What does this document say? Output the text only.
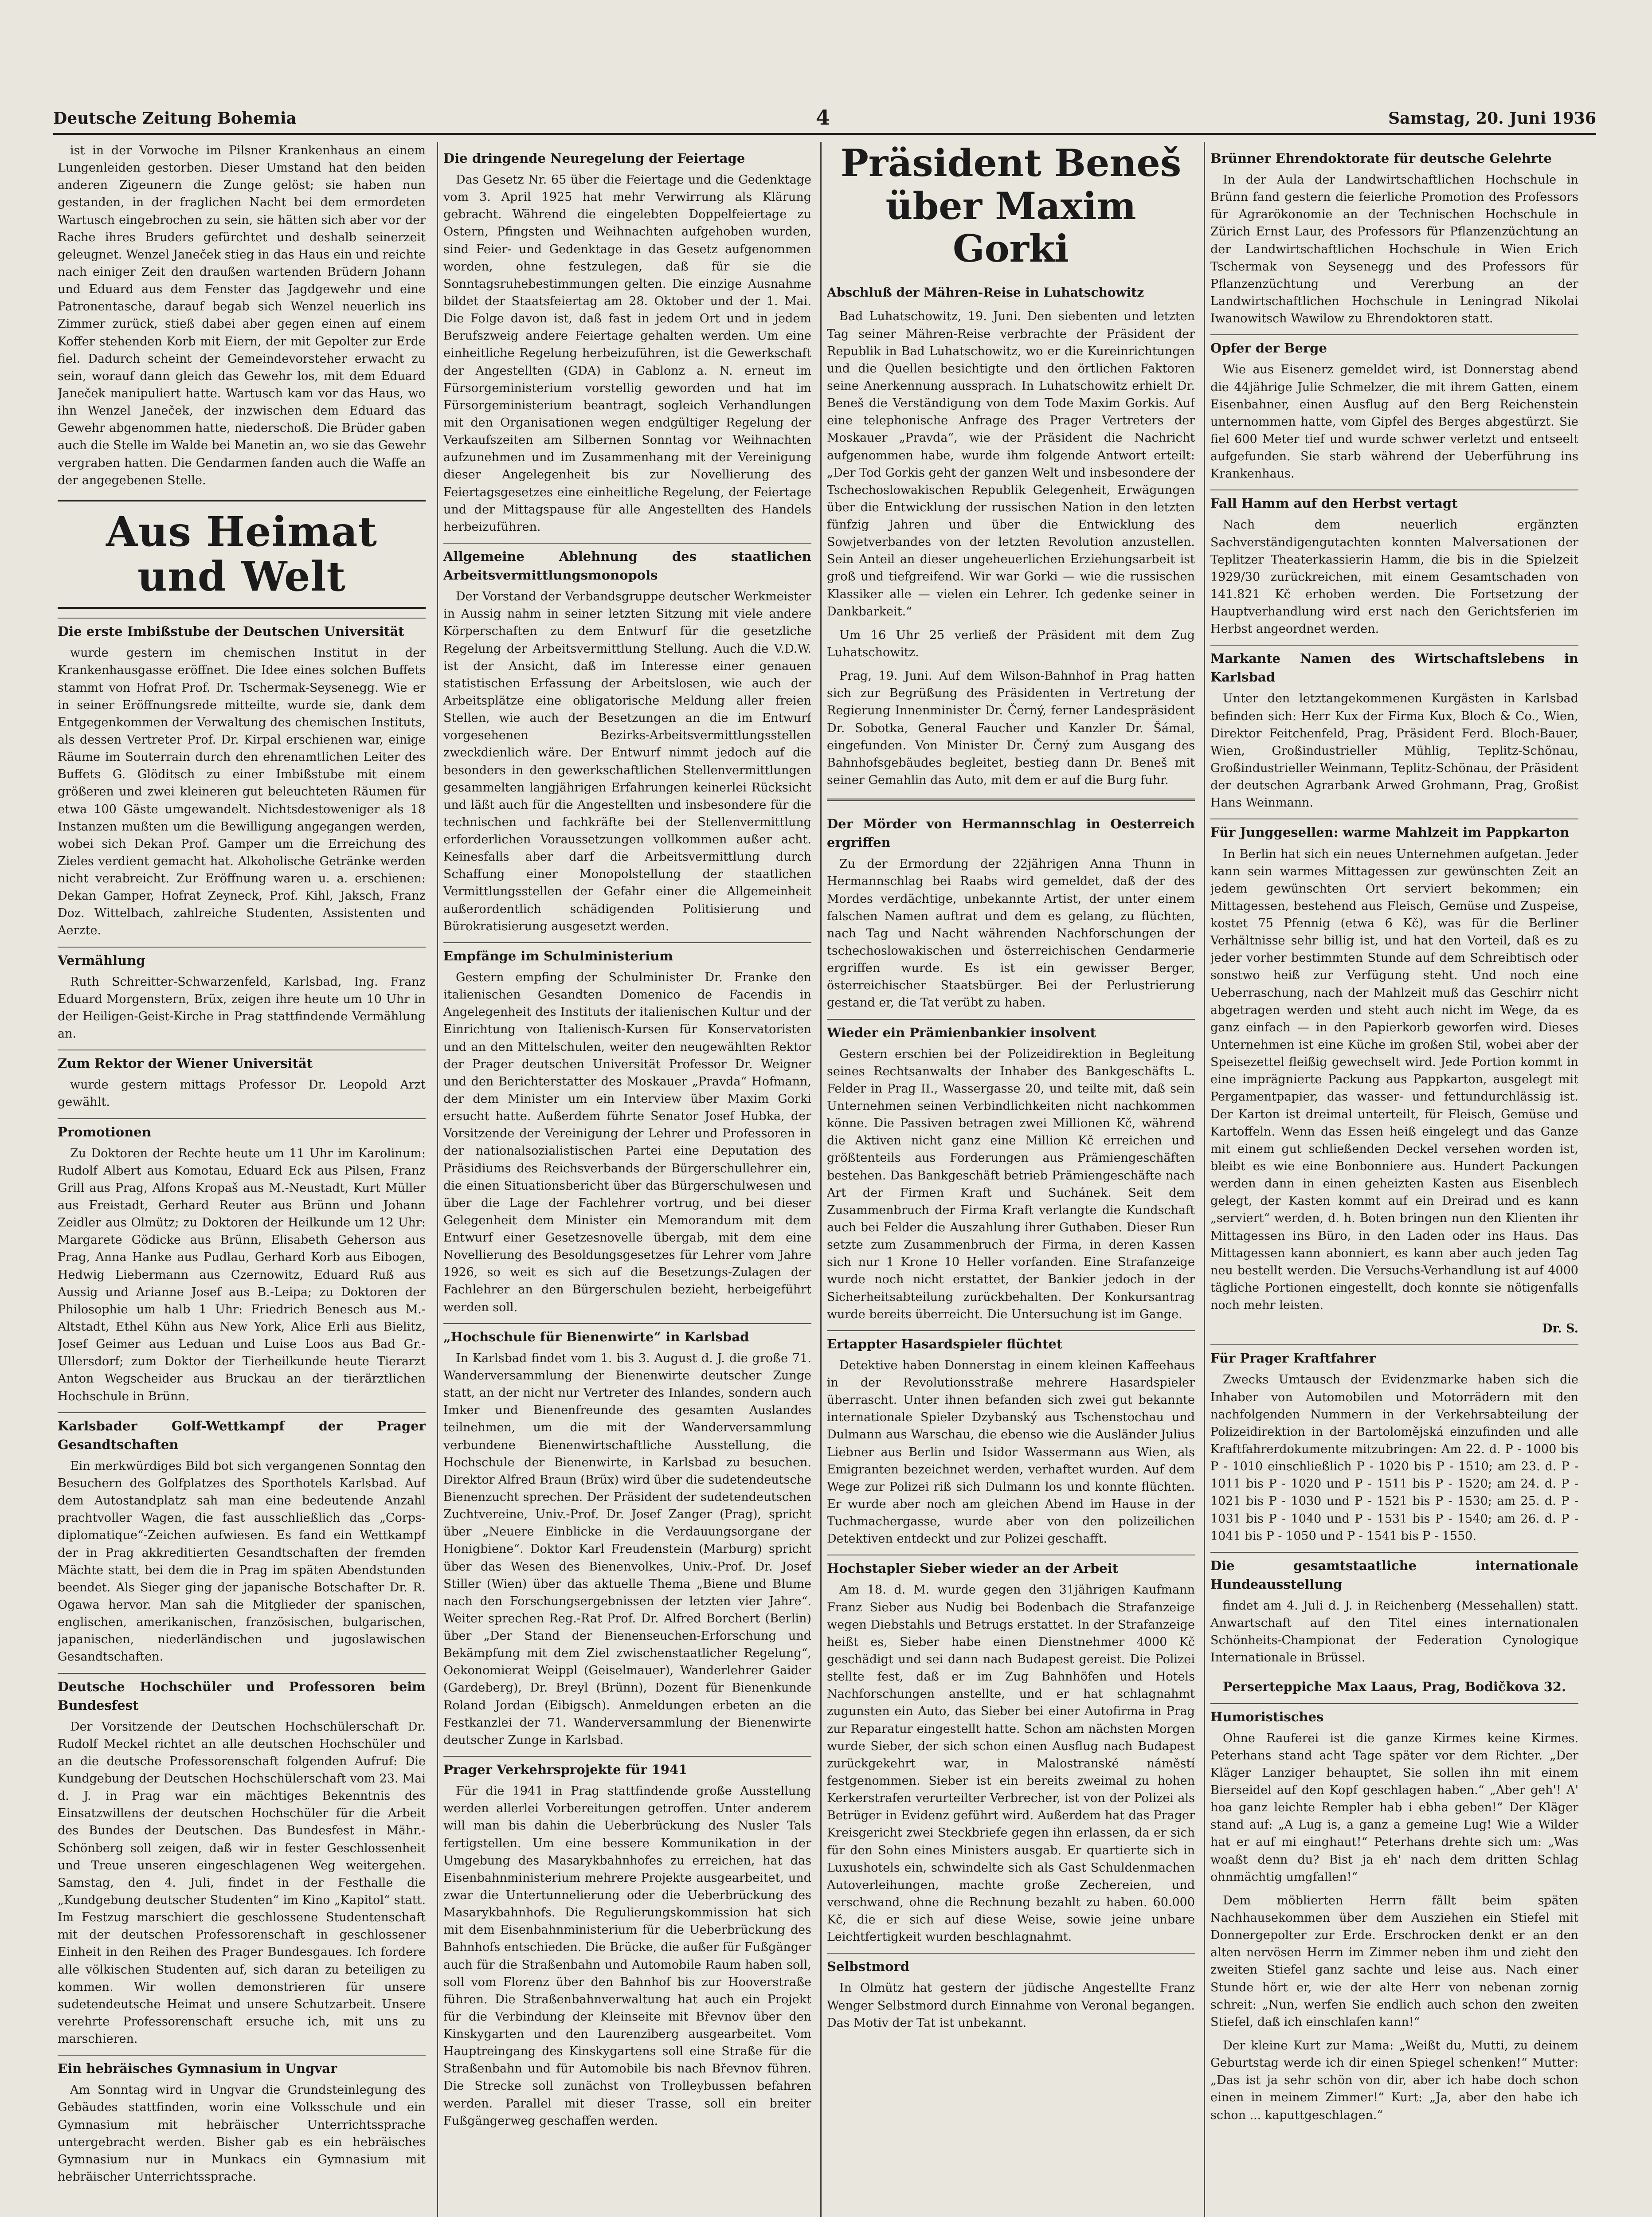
Deutsche Zeitung Bohemia	4	Samstag, 20. Juni 1936

ist in der Vorwoche im Pilsner Krankenhaus an einem Lungenleiden gestorben. Dieser Umstand hat den beiden anderen Zigeunern die Zunge gelöst; sie haben nun gestanden, in der fraglichen Nacht bei dem ermordeten Wartusch eingebrochen zu sein, sie hätten sich aber vor der Rache ihres Bruders gefürchtet und deshalb seinerzeit geleugnet. Wenzel Janeček stieg in das Haus ein und reichte nach einiger Zeit den draußen wartenden Brüdern Johann und Eduard aus dem Fenster das Jagdgewehr und eine Patronentasche, darauf begab sich Wenzel neuerlich ins Zimmer zurück, stieß dabei aber gegen einen auf einem Koffer stehenden Korb mit Eiern, der mit Gepolter zur Erde fiel. Dadurch scheint der Gemeindevorsteher erwacht zu sein, worauf dann gleich das Gewehr los, mit dem Eduard Janeček manipuliert hatte. Wartusch kam vor das Haus, wo ihn Wenzel Janeček, der inzwischen dem Eduard das Gewehr abgenommen hatte, niederschoß. Die Brüder gaben auch die Stelle im Walde bei Manetin an, wo sie das Gewehr vergraben hatten. Die Gendarmen fanden auch die Waffe an der angegebenen Stelle.

Aus Heimat und Welt
Die erste Imbißstube der Deutschen Universität

wurde gestern im chemischen Institut in der Krankenhausgasse eröffnet. Die Idee eines solchen Buffets stammt von Hofrat Prof. Dr. Tschermak-Seysenegg. Wie er in seiner Eröffnungsrede mitteilte, wurde sie, dank dem Entgegenkommen der Verwaltung des chemischen Instituts, als dessen Vertreter Prof. Dr. Kirpal erschienen war, einige Räume im Souterrain durch den ehrenamtlichen Leiter des Buffets G. Glöditsch zu einer Imbißstube mit einem größeren und zwei kleineren gut beleuchteten Räumen für etwa 100 Gäste umgewandelt. Nichtsdestoweniger als 18 Instanzen mußten um die Bewilligung angegangen werden, wobei sich Dekan Prof. Gamper um die Erreichung des Zieles verdient gemacht hat. Alkoholische Getränke werden nicht verabreicht. Zur Eröffnung waren u. a. erschienen: Dekan Gamper, Hofrat Zeyneck, Prof. Kihl, Jaksch, Franz Doz. Wittelbach, zahlreiche Studenten, Assistenten und Aerzte.

Vermählung

Ruth Schreitter-Schwarzenfeld, Karlsbad, Ing. Franz Eduard Morgenstern, Brüx, zeigen ihre heute um 10 Uhr in der Heiligen-Geist-Kirche in Prag stattfindende Vermählung an.

Zum Rektor der Wiener Universität

wurde gestern mittags Professor Dr. Leopold Arzt gewählt.

Promotionen

Zu Doktoren der Rechte heute um 11 Uhr im Karolinum: Rudolf Albert aus Komotau, Eduard Eck aus Pilsen, Franz Grill aus Prag, Alfons Kropaš aus M.-Neustadt, Kurt Müller aus Freistadt, Gerhard Reuter aus Brünn und Johann Zeidler aus Olmütz; zu Doktoren der Heilkunde um 12 Uhr: Margarete Gödicke aus Brünn, Elisabeth Geherson aus Prag, Anna Hanke aus Pudlau, Gerhard Korb aus Eibogen, Hedwig Liebermann aus Czernowitz, Eduard Ruß aus Aussig und Arianne Josef aus B.-Leipa; zu Doktoren der Philosophie um halb 1 Uhr: Friedrich Benesch aus M.-Altstadt, Ethel Kühn aus New York, Alice Erli aus Bielitz, Josef Geimer aus Leduan und Luise Loos aus Bad Gr.-Ullersdorf; zum Doktor der Tierheilkunde heute Tierarzt Anton Wegscheider aus Bruckau an der tierärztlichen Hochschule in Brünn.

Karlsbader Golf-Wettkampf der Prager Gesandtschaften

Ein merkwürdiges Bild bot sich vergangenen Sonntag den Besuchern des Golfplatzes des Sporthotels Karlsbad. Auf dem Autostandplatz sah man eine bedeutende Anzahl prachtvoller Wagen, die fast ausschließlich das „Corps-diplomatique“-Zeichen aufwiesen. Es fand ein Wettkampf der in Prag akkreditierten Gesandtschaften der fremden Mächte statt, bei dem die in Prag im späten Abendstunden beendet. Als Sieger ging der japanische Botschafter Dr. R. Ogawa hervor. Man sah die Mitglieder der spanischen, englischen, amerikanischen, französischen, bulgarischen, japanischen, niederländischen und jugoslawischen Gesandtschaften.

Deutsche Hochschüler und Professoren beim Bundesfest

Der Vorsitzende der Deutschen Hochschülerschaft Dr. Rudolf Meckel richtet an alle deutschen Hochschüler und an die deutsche Professorenschaft folgenden Aufruf: Die Kundgebung der Deutschen Hochschülerschaft vom 23. Mai d. J. in Prag war ein mächtiges Bekenntnis des Einsatzwillens der deutschen Hochschüler für die Arbeit des Bundes der Deutschen. Das Bundesfest in Mähr.-Schönberg soll zeigen, daß wir in fester Geschlossenheit und Treue unseren eingeschlagenen Weg weitergehen. Samstag, den 4. Juli, findet in der Festhalle die „Kundgebung deutscher Studenten“ im Kino „Kapitol“ statt. Im Festzug marschiert die geschlossene Studentenschaft mit der deutschen Professorenschaft in geschlossener Einheit in den Reihen des Prager Bundesgaues. Ich fordere alle völkischen Studenten auf, sich daran zu beteiligen zu kommen. Wir wollen demonstrieren für unsere sudetendeutsche Heimat und unsere Schutzarbeit. Unsere verehrte Professorenschaft ersuche ich, mit uns zu marschieren.

Ein hebräisches Gymnasium in Ungvar

Am Sonntag wird in Ungvar die Grundsteinlegung des Gebäudes stattfinden, worin eine Volksschule und ein Gymnasium mit hebräischer Unterrichtssprache untergebracht werden. Bisher gab es ein hebräisches Gymnasium nur in Munkacs ein Gymnasium mit hebräischer Unterrichtssprache.

Die dringende Neuregelung der Feiertage

Das Gesetz Nr. 65 über die Feiertage und die Gedenktage vom 3. April 1925 hat mehr Verwirrung als Klärung gebracht. Während die eingelebten Doppelfeiertage zu Ostern, Pfingsten und Weihnachten aufgehoben wurden, sind Feier- und Gedenktage in das Gesetz aufgenommen worden, ohne festzulegen, daß für sie die Sonntagsruhebestimmungen gelten. Die einzige Ausnahme bildet der Staatsfeiertag am 28. Oktober und der 1. Mai. Die Folge davon ist, daß fast in jedem Ort und in jedem Berufszweig andere Feiertage gehalten werden. Um eine einheitliche Regelung herbeizuführen, ist die Gewerkschaft der Angestellten (GDA) in Gablonz a. N. erneut im Fürsorgeministerium vorstellig geworden und hat im Fürsorgeministerium beantragt, sogleich Verhandlungen mit den Organisationen wegen endgültiger Regelung der Verkaufszeiten am Silbernen Sonntag vor Weihnachten aufzunehmen und im Zusammenhang mit der Vereinigung dieser Angelegenheit bis zur Novellierung des Feiertagsgesetzes eine einheitliche Regelung, der Feiertage und der Mittagspause für alle Angestellten des Handels herbeizuführen.

Allgemeine Ablehnung des staatlichen Arbeitsvermittlungsmonopols

Der Vorstand der Verbandsgruppe deutscher Werkmeister in Aussig nahm in seiner letzten Sitzung mit viele andere Körperschaften zu dem Entwurf für die gesetzliche Regelung der Arbeitsvermittlung Stellung. Auch die V.D.W. ist der Ansicht, daß im Interesse einer genauen statistischen Erfassung der Arbeitslosen, wie auch der Arbeitsplätze eine obligatorische Meldung aller freien Stellen, wie auch der Besetzungen an die im Entwurf vorgesehenen Bezirks-Arbeitsvermittlungsstellen zweckdienlich wäre. Der Entwurf nimmt jedoch auf die besonders in den gewerkschaftlichen Stellenvermittlungen gesammelten langjährigen Erfahrungen keinerlei Rücksicht und läßt auch für die Angestellten und insbesondere für die technischen und fachkräfte bei der Stellenvermittlung erforderlichen Voraussetzungen vollkommen außer acht. Keinesfalls aber darf die Arbeitsvermittlung durch Schaffung einer Monopolstellung der staatlichen Vermittlungsstellen der Gefahr einer die Allgemeinheit außerordentlich schädigenden Politisierung und Bürokratisierung ausgesetzt werden.

Empfänge im Schulministerium

Gestern empfing der Schulminister Dr. Franke den italienischen Gesandten Domenico de Facendis in Angelegenheit des Instituts der italienischen Kultur und der Einrichtung von Italienisch-Kursen für Konservatoristen und an den Mittelschulen, weiter den neugewählten Rektor der Prager deutschen Universität Professor Dr. Weigner und den Berichterstatter des Moskauer „Pravda“ Hofmann, der dem Minister um ein Interview über Maxim Gorki ersucht hatte. Außerdem führte Senator Josef Hubka, der Vorsitzende der Vereinigung der Lehrer und Professoren in der nationalsozialistischen Partei eine Deputation des Präsidiums des Reichsverbands der Bürgerschullehrer ein, die einen Situationsbericht über das Bürgerschulwesen und über die Lage der Fachlehrer vortrug, und bei dieser Gelegenheit dem Minister ein Memorandum mit dem Entwurf einer Gesetzesnovelle übergab, mit dem eine Novellierung des Besoldungsgesetzes für Lehrer vom Jahre 1926, so weit es sich auf die Besetzungs-Zulagen der Fachlehrer an den Bürgerschulen bezieht, herbeigeführt werden soll.

„Hochschule für Bienenwirte“ in Karlsbad

In Karlsbad findet vom 1. bis 3. August d. J. die große 71. Wanderversammlung der Bienenwirte deutscher Zunge statt, an der nicht nur Vertreter des Inlandes, sondern auch Imker und Bienenfreunde des gesamten Auslandes teilnehmen, um die mit der Wanderversammlung verbundene Bienenwirtschaftliche Ausstellung, die Hochschule der Bienenwirte, in Karlsbad zu besuchen. Direktor Alfred Braun (Brüx) wird über die sudetendeutsche Bienenzucht sprechen. Der Präsident der sudetendeutschen Zuchtvereine, Univ.-Prof. Dr. Josef Zanger (Prag), spricht über „Neuere Einblicke in die Verdauungsorgane der Honigbiene“. Doktor Karl Freudenstein (Marburg) spricht über das Wesen des Bienenvolkes, Univ.-Prof. Dr. Josef Stiller (Wien) über das aktuelle Thema „Biene und Blume nach den Forschungsergebnissen der letzten vier Jahre“. Weiter sprechen Reg.-Rat Prof. Dr. Alfred Borchert (Berlin) über „Der Stand der Bienenseuchen-Erforschung und Bekämpfung mit dem Ziel zwischenstaatlicher Regelung“, Oekonomierat Weippl (Geiselmauer), Wanderlehrer Gaider (Gardeberg), Dr. Breyl (Brünn), Dozent für Bienenkunde Roland Jordan (Eibigsch). Anmeldungen erbeten an die Festkanzlei der 71. Wanderversammlung der Bienenwirte deutscher Zunge in Karlsbad.

Prager Verkehrsprojekte für 1941

Für die 1941 in Prag stattfindende große Ausstellung werden allerlei Vorbereitungen getroffen. Unter anderem will man bis dahin die Ueberbrückung des Nusler Tals fertigstellen. Um eine bessere Kommunikation in der Umgebung des Masarykbahnhofes zu erreichen, hat das Eisenbahnministerium mehrere Projekte ausgearbeitet, und zwar die Untertunnelierung oder die Ueberbrückung des Masarykbahnhofs. Die Regulierungskommission hat sich mit dem Eisenbahnministerium für die Ueberbrückung des Bahnhofs entschieden. Die Brücke, die außer für Fußgänger auch für die Straßenbahn und Automobile Raum haben soll, soll vom Florenz über den Bahnhof bis zur Hooverstraße führen. Die Straßenbahnverwaltung hat auch ein Projekt für die Verbindung der Kleinseite mit Břevnov über den Kinskygarten und den Laurenziberg ausgearbeitet. Vom Hauptreingang des Kinskygartens soll eine Straße für die Straßenbahn und für Automobile bis nach Břevnov führen. Die Strecke soll zunächst von Trolleybussen befahren werden. Parallel mit dieser Trasse, soll ein breiter Fußgängerweg geschaffen werden.

Präsident Beneš über Maxim Gorki
Abschluß der Mähren-Reise in Luhatschowitz

Bad Luhatschowitz, 19. Juni. Den siebenten und letzten Tag seiner Mähren-Reise verbrachte der Präsident der Republik in Bad Luhatschowitz, wo er die Kureinrichtungen und die Quellen besichtigte und den örtlichen Faktoren seine Anerkennung aussprach. In Luhatschowitz erhielt Dr. Beneš die Verständigung von dem Tode Maxim Gorkis. Auf eine telephonische Anfrage des Prager Vertreters der Moskauer „Pravda“, wie der Präsident die Nachricht aufgenommen habe, wurde ihm folgende Antwort erteilt: „Der Tod Gorkis geht der ganzen Welt und insbesondere der Tschechoslowakischen Republik Gelegenheit, Erwägungen über die Entwicklung der russischen Nation in den letzten fünfzig Jahren und über die Entwicklung des Sowjetverbandes von der letzten Revolution anzustellen. Sein Anteil an dieser ungeheuerlichen Erziehungsarbeit ist groß und tiefgreifend. Wir war Gorki — wie die russischen Klassiker alle — vielen ein Lehrer. Ich gedenke seiner in Dankbarkeit.“

Um 16 Uhr 25 verließ der Präsident mit dem Zug Luhatschowitz.

Prag, 19. Juni. Auf dem Wilson-Bahnhof in Prag hatten sich zur Begrüßung des Präsidenten in Vertretung der Regierung Innenminister Dr. Černý, ferner Landespräsident Dr. Sobotka, General Faucher und Kanzler Dr. Šámal, eingefunden. Von Minister Dr. Černý zum Ausgang des Bahnhofsgebäudes begleitet, bestieg dann Dr. Beneš mit seiner Gemahlin das Auto, mit dem er auf die Burg fuhr.

Der Mörder von Hermannschlag in Oesterreich ergriffen

Zu der Ermordung der 22jährigen Anna Thunn in Hermannschlag bei Raabs wird gemeldet, daß der des Mordes verdächtige, unbekannte Artist, der unter einem falschen Namen auftrat und dem es gelang, zu flüchten, nach Tag und Nacht währenden Nachforschungen der tschechoslowakischen und österreichischen Gendarmerie ergriffen wurde. Es ist ein gewisser Berger, österreichischer Staatsbürger. Bei der Perlustrierung gestand er, die Tat verübt zu haben.

Wieder ein Prämienbankier insolvent

Gestern erschien bei der Polizeidirektion in Begleitung seines Rechtsanwalts der Inhaber des Bankgeschäfts L. Felder in Prag II., Wassergasse 20, und teilte mit, daß sein Unternehmen seinen Verbindlichkeiten nicht nachkommen könne. Die Passiven betragen zwei Millionen Kč, während die Aktiven nicht ganz eine Million Kč erreichen und größtenteils aus Forderungen aus Prämiengeschäften bestehen. Das Bankgeschäft betrieb Prämiengeschäfte nach Art der Firmen Kraft und Suchánek. Seit dem Zusammenbruch der Firma Kraft verlangte die Kundschaft auch bei Felder die Auszahlung ihrer Guthaben. Dieser Run setzte zum Zusammenbruch der Firma, in deren Kassen sich nur 1 Krone 10 Heller vorfanden. Eine Strafanzeige wurde noch nicht erstattet, der Bankier jedoch in der Sicherheitsabteilung zurückbehalten. Der Konkursantrag wurde bereits überreicht. Die Untersuchung ist im Gange.

Ertappter Hasardspieler flüchtet

Detektive haben Donnerstag in einem kleinen Kaffeehaus in der Revolutionsstraße mehrere Hasardspieler überrascht. Unter ihnen befanden sich zwei gut bekannte internationale Spieler Dzybanský aus Tschenstochau und Dulmann aus Warschau, die ebenso wie die Ausländer Julius Liebner aus Berlin und Isidor Wassermann aus Wien, als Emigranten bezeichnet werden, verhaftet wurden. Auf dem Wege zur Polizei riß sich Dulmann los und konnte flüchten. Er wurde aber noch am gleichen Abend im Hause in der Tuchmachergasse, wurde aber von den polizeilichen Detektiven entdeckt und zur Polizei geschafft.

Hochstapler Sieber wieder an der Arbeit

Am 18. d. M. wurde gegen den 31jährigen Kaufmann Franz Sieber aus Nudig bei Bodenbach die Strafanzeige wegen Diebstahls und Betrugs erstattet. In der Strafanzeige heißt es, Sieber habe einen Dienstnehmer 4000 Kč geschädigt und sei dann nach Budapest gereist. Die Polizei stellte fest, daß er im Zug Bahnhöfen und Hotels Nachforschungen anstellte, und er hat schlagnahmt zugunsten ein Auto, das Sieber bei einer Autofirma in Prag zur Reparatur eingestellt hatte. Schon am nächsten Morgen wurde Sieber, der sich schon einen Ausflug nach Budapest zurückgekehrt war, in Malostranské náměstí festgenommen. Sieber ist ein bereits zweimal zu hohen Kerkerstrafen verurteilter Verbrecher, ist von der Polizei als Betrüger in Evidenz geführt wird. Außerdem hat das Prager Kreisgericht zwei Steckbriefe gegen ihn erlassen, da er sich für den Sohn eines Ministers ausgab. Er quartierte sich in Luxushotels ein, schwindelte sich als Gast Schuldenmachen Autoverleihungen, machte große Zechereien, und verschwand, ohne die Rechnung bezahlt zu haben. 60.000 Kč, die er sich auf diese Weise, sowie jeine unbare Leichtfertigkeit wurden beschlagnahmt.

Selbstmord

In Olmütz hat gestern der jüdische Angestellte Franz Wenger Selbstmord durch Einnahme von Veronal begangen. Das Motiv der Tat ist unbekannt.

Brünner Ehrendoktorate für deutsche Gelehrte

In der Aula der Landwirtschaftlichen Hochschule in Brünn fand gestern die feierliche Promotion des Professors für Agrarökonomie an der Technischen Hochschule in Zürich Ernst Laur, des Professors für Pflanzenzüchtung an der Landwirtschaftlichen Hochschule in Wien Erich Tschermak von Seysenegg und des Professors für Pflanzenzüchtung und Vererbung an der Landwirtschaftlichen Hochschule in Leningrad Nikolai Iwanowitsch Wawilow zu Ehrendoktoren statt.

Opfer der Berge

Wie aus Eisenerz gemeldet wird, ist Donnerstag abend die 44jährige Julie Schmelzer, die mit ihrem Gatten, einem Eisenbahner, einen Ausflug auf den Berg Reichenstein unternommen hatte, vom Gipfel des Berges abgestürzt. Sie fiel 600 Meter tief und wurde schwer verletzt und entseelt aufgefunden. Sie starb während der Ueberführung ins Krankenhaus.

Fall Hamm auf den Herbst vertagt

Nach dem neuerlich ergänzten Sachverständigengutachten konnten Malversationen der Teplitzer Theaterkassierin Hamm, die bis in die Spielzeit 1929/30 zurückreichen, mit einem Gesamtschaden von 141.821 Kč erhoben werden. Die Fortsetzung der Hauptverhandlung wird erst nach den Gerichtsferien im Herbst angeordnet werden.

Markante Namen des Wirtschaftslebens in Karlsbad

Unter den letztangekommenen Kurgästen in Karlsbad befinden sich: Herr Kux der Firma Kux, Bloch & Co., Wien, Direktor Feitchenfeld, Prag, Präsident Ferd. Bloch-Bauer, Wien, Großindustrieller Mühlig, Teplitz-Schönau, Großindustrieller Weinmann, Teplitz-Schönau, der Präsident der deutschen Agrarbank Arwed Grohmann, Prag, Großist Hans Weinmann.

Für Junggesellen: warme Mahlzeit im Pappkarton

In Berlin hat sich ein neues Unternehmen aufgetan. Jeder kann sein warmes Mittagessen zur gewünschten Zeit an jedem gewünschten Ort serviert bekommen; ein Mittagessen, bestehend aus Fleisch, Gemüse und Zuspeise, kostet 75 Pfennig (etwa 6 Kč), was für die Berliner Verhältnisse sehr billig ist, und hat den Vorteil, daß es zu jeder vorher bestimmten Stunde auf dem Schreibtisch oder sonstwo heiß zur Verfügung steht. Und noch eine Ueberraschung, nach der Mahlzeit muß das Geschirr nicht abgetragen werden und steht auch nicht im Wege, da es ganz einfach — in den Papierkorb geworfen wird. Dieses Unternehmen ist eine Küche im großen Stil, wobei aber der Speisezettel fleißig gewechselt wird. Jede Portion kommt in eine imprägnierte Packung aus Pappkarton, ausgelegt mit Pergamentpapier, das wasser- und fettundurchlässig ist. Der Karton ist dreimal unterteilt, für Fleisch, Gemüse und Kartoffeln. Wenn das Essen heiß eingelegt und das Ganze mit einem gut schließenden Deckel versehen worden ist, bleibt es wie eine Bonbonniere aus. Hundert Packungen werden dann in einen geheizten Kasten aus Eisenblech gelegt, der Kasten kommt auf ein Dreirad und es kann „serviert“ werden, d. h. Boten bringen nun den Klienten ihr Mittagessen ins Büro, in den Laden oder ins Haus. Das Mittagessen kann abonniert, es kann aber auch jeden Tag neu bestellt werden. Die Versuchs-Verhandlung ist auf 4000 tägliche Portionen eingestellt, doch konnte sie nötigenfalls noch mehr leisten.

Dr. S.
Für Prager Kraftfahrer

Zwecks Umtausch der Evidenzmarke haben sich die Inhaber von Automobilen und Motorrädern mit den nachfolgenden Nummern in der Verkehrsabteilung der Polizeidirektion in der Bartolomějská einzufinden und alle Kraftfahrerdokumente mitzubringen: Am 22. d. P - 1000 bis P - 1010 einschließlich P - 1020 bis P - 1510; am 23. d. P - 1011 bis P - 1020 und P - 1511 bis P - 1520; am 24. d. P - 1021 bis P - 1030 und P - 1521 bis P - 1530; am 25. d. P - 1031 bis P - 1040 und P - 1531 bis P - 1540; am 26. d. P - 1041 bis P - 1050 und P - 1541 bis P - 1550.

Die gesamtstaatliche internationale Hundeausstellung

findet am 4. Juli d. J. in Reichenberg (Messehallen) statt. Anwartschaft auf den Titel eines internationalen Schönheits-Championat der Federation Cynologique Internationale in Brüssel.

Perserteppiche Max Laaus, Prag, Bodičkova 32.
Humoristisches

Ohne Rauferei ist die ganze Kirmes keine Kirmes. Peterhans stand acht Tage später vor dem Richter. „Der Kläger Lanziger behauptet, Sie sollen ihn mit einem Bierseidel auf den Kopf geschlagen haben.“ „Aber geh'! A' hoa ganz leichte Rempler hab i ebha geben!“ Der Kläger stand auf: „A Lug is, a ganz a gemeine Lug! Wie a Wilder hat er auf mi einghaut!“ Peterhans drehte sich um: „Was woaßt denn du? Bist ja eh' nach dem dritten Schlag ohnmächtig umgfallen!“

Dem möblierten Herrn fällt beim späten Nachhausekommen über dem Ausziehen ein Stiefel mit Donnergepolter zur Erde. Erschrocken denkt er an den alten nervösen Herrn im Zimmer neben ihm und zieht den zweiten Stiefel ganz sachte und leise aus. Nach einer Stunde hört er, wie der alte Herr von nebenan zornig schreit: „Nun, werfen Sie endlich auch schon den zweiten Stiefel, daß ich einschlafen kann!“

Der kleine Kurt zur Mama: „Weißt du, Mutti, zu deinem Geburtstag werde ich dir einen Spiegel schenken!“ Mutter: „Das ist ja sehr schön von dir, aber ich habe doch schon einen in meinem Zimmer!“ Kurt: „Ja, aber den habe ich schon ... kaputtgeschlagen.“
